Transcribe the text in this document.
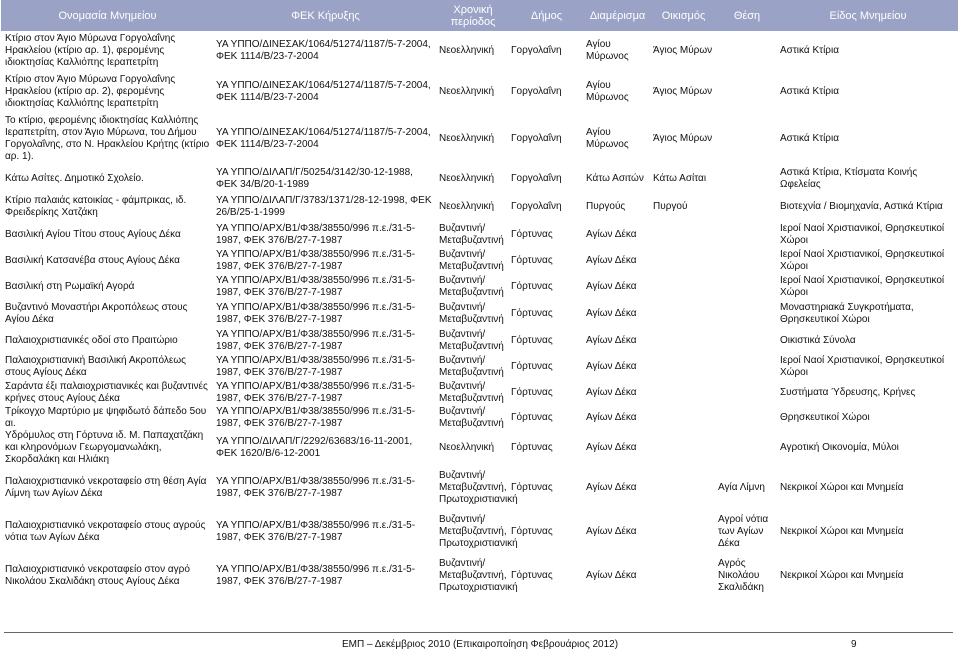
Ονομασία Μνημείου	ΦΕΚ Κήρυξης	Χρονική περίοδος	Δήμος	Διαμέρισμα	Οικισμός	Θέση	Είδος Μνημείου
Κτίριο στον Άγιο Μύρωνα Γοργολαΐνης Ηρακλείου (κτίριο αρ. 1), φερομένης ιδιοκτησίας Καλλιόπης Ιεραπετρίτη	ΥΑ ΥΠΠΟ/ΔΙΝΕΣΑΚ/1064/51274/1187/5-7-2004, ΦΕΚ 1114/Β/23-7-2004	Νεοελληνική	Γοργολαΐνη	Αγίου Μύρωνος	Άγιος Μύρων		Αστικά Κτίρια
Κτίριο στον Άγιο Μύρωνα Γοργολαΐνης Ηρακλείου (κτίριο αρ. 2), φερομένης ιδιοκτησίας Καλλιόπης Ιεραπετρίτη	ΥΑ ΥΠΠΟ/ΔΙΝΕΣΑΚ/1064/51274/1187/5-7-2004, ΦΕΚ 1114/Β/23-7-2004	Νεοελληνική	Γοργολαΐνη	Αγίου Μύρωνος	Άγιος Μύρων		Αστικά Κτίρια
Το κτίριο, φερομένης ιδιοκτησίας Καλλιόπης Ιεραπετρίτη, στον Άγιο Μύρωνα, του Δήμου Γοργολαΐνης, στο Ν. Ηρακλείου Κρήτης (κτίριο αρ. 1).	ΥΑ ΥΠΠΟ/ΔΙΝΕΣΑΚ/1064/51274/1187/5-7-2004, ΦΕΚ 1114/Β/23-7-2004	Νεοελληνική	Γοργολαΐνη	Αγίου Μύρωνος	Άγιος Μύρων		Αστικά Κτίρια
Κάτω Ασίτες. Δημοτικό Σχολείο.	ΥΑ ΥΠΠΟ/ΔΙΛΑΠ/Γ/50254/3142/30-12-1988, ΦΕΚ 34/Β/20-1-1989	Νεοελληνική	Γοργολαΐνη	Κάτω Ασιτών	Κάτω Ασίται		Αστικά Κτίρια, Κτίσματα Κοινής Ωφελείας
Κτίριο παλαιάς κατοικίας - φάμπρικας, ιδ. Φρειδερίκης Χατζάκη	ΥΑ ΥΠΠΟ/ΔΙΛΑΠ/Γ/3783/1371/28-12-1998, ΦΕΚ 26/Β/25-1-1999	Νεοελληνική	Γοργολαΐνη	Πυργούς	Πυργού		Βιοτεχνία / Βιομηχανία, Αστικά Κτίρια
Βασιλική Αγίου Τίτου στους Αγίους Δέκα	ΥΑ ΥΠΠΟ/ΑΡΧ/Β1/Φ38/38550/996 π.ε./31-5-1987, ΦΕΚ 376/Β/27-7-1987	Βυζαντινή/Μεταβυζαντινή	Γόρτυνας	Αγίων Δέκα			Ιεροί Ναοί Χριστιανικοί, Θρησκευτικοί Χώροι
Βασιλική Κατσανέβα στους Αγίους Δέκα	ΥΑ ΥΠΠΟ/ΑΡΧ/Β1/Φ38/38550/996 π.ε./31-5-1987, ΦΕΚ 376/Β/27-7-1987	Βυζαντινή/Μεταβυζαντινή	Γόρτυνας	Αγίων Δέκα			Ιεροί Ναοί Χριστιανικοί, Θρησκευτικοί Χώροι
Βασιλική στη Ρωμαϊκή Αγορά	ΥΑ ΥΠΠΟ/ΑΡΧ/Β1/Φ38/38550/996 π.ε./31-5-1987, ΦΕΚ 376/Β/27-7-1987	Βυζαντινή/Μεταβυζαντινή	Γόρτυνας	Αγίων Δέκα			Ιεροί Ναοί Χριστιανικοί, Θρησκευτικοί Χώροι
Βυζαντινό Μοναστήρι Ακροπόλεως στους Αγίου Δέκα	ΥΑ ΥΠΠΟ/ΑΡΧ/Β1/Φ38/38550/996 π.ε./31-5-1987, ΦΕΚ 376/Β/27-7-1987	Βυζαντινή/Μεταβυζαντινή	Γόρτυνας	Αγίων Δέκα			Μοναστηριακά Συγκροτήματα, Θρησκευτικοί Χώροι
Παλαιοχριστιανικές οδοί στο Πραιτώριο	ΥΑ ΥΠΠΟ/ΑΡΧ/Β1/Φ38/38550/996 π.ε./31-5-1987, ΦΕΚ 376/Β/27-7-1987	Βυζαντινή/Μεταβυζαντινή	Γόρτυνας	Αγίων Δέκα			Οικιστικά Σύνολα
Παλαιοχριστιανική Βασιλική Ακροπόλεως στους Αγίους Δέκα	ΥΑ ΥΠΠΟ/ΑΡΧ/Β1/Φ38/38550/996 π.ε./31-5-1987, ΦΕΚ 376/Β/27-7-1987	Βυζαντινή/Μεταβυζαντινή	Γόρτυνας	Αγίων Δέκα			Ιεροί Ναοί Χριστιανικοί, Θρησκευτικοί Χώροι
Σαράντα έξι παλαιοχριστιανικές και βυζαντινές κρήνες στους Αγίους Δέκα	ΥΑ ΥΠΠΟ/ΑΡΧ/Β1/Φ38/38550/996 π.ε./31-5-1987, ΦΕΚ 376/Β/27-7-1987	Βυζαντινή/Μεταβυζαντινή	Γόρτυνας	Αγίων Δέκα			Συστήματα Ύδρευσης, Κρήνες
Τρίκογχο Μαρτύριο με ψηφιδωτό δάπεδο 5ου αι.	ΥΑ ΥΠΠΟ/ΑΡΧ/Β1/Φ38/38550/996 π.ε./31-5-1987, ΦΕΚ 376/Β/27-7-1987	Βυζαντινή/Μεταβυζαντινή	Γόρτυνας	Αγίων Δέκα			Θρησκευτικοί Χώροι
Υδρόμυλος στη Γόρτυνα ιδ. Μ. Παπαχατζάκη και κληρονόμων Γεωργομανωλάκη, Σκορδαλάκη και Ηλιάκη	ΥΑ ΥΠΠΟ/ΔΙΛΑΠ/Γ/2292/63683/16-11-2001, ΦΕΚ 1620/Β/6-12-2001	Νεοελληνική	Γόρτυνας	Αγίων Δέκα			Αγροτική Οικονομία, Μύλοι
Παλαιοχριστιανικό νεκροταφείο στη θέση Αγία Λίμνη των Αγίων Δέκα	ΥΑ ΥΠΠΟ/ΑΡΧ/Β1/Φ38/38550/996 π.ε./31-5-1987, ΦΕΚ 376/Β/27-7-1987	Βυζαντινή/Μεταβυζαντινή, Πρωτοχριστιανική	Γόρτυνας	Αγίων Δέκα		Αγία Λίμνη	Νεκρικοί Χώροι και Μνημεία
Παλαιοχριστιανικό νεκροταφείο στους αγρούς νότια των Αγίων Δέκα	ΥΑ ΥΠΠΟ/ΑΡΧ/Β1/Φ38/38550/996 π.ε./31-5-1987, ΦΕΚ 376/Β/27-7-1987	Βυζαντινή/Μεταβυζαντινή, Πρωτοχριστιανική	Γόρτυνας	Αγίων Δέκα		Αγροί νότια των Αγίων Δέκα	Νεκρικοί Χώροι και Μνημεία
Παλαιοχριστιανικό νεκροταφείο στον αγρό Νικολάου Σκαλιδάκη στους Αγίους Δέκα	ΥΑ ΥΠΠΟ/ΑΡΧ/Β1/Φ38/38550/996 π.ε./31-5-1987, ΦΕΚ 376/Β/27-7-1987	Βυζαντινή/Μεταβυζαντινή, Πρωτοχριστιανική	Γόρτυνας	Αγίων Δέκα		Αγρός Νικολάου Σκαλιδάκη	Νεκρικοί Χώροι και Μνημεία
ΕΜΠ – Δεκέμβριος 2010 (Επικαιροποίηση Φεβρουάριος 2012)	9
